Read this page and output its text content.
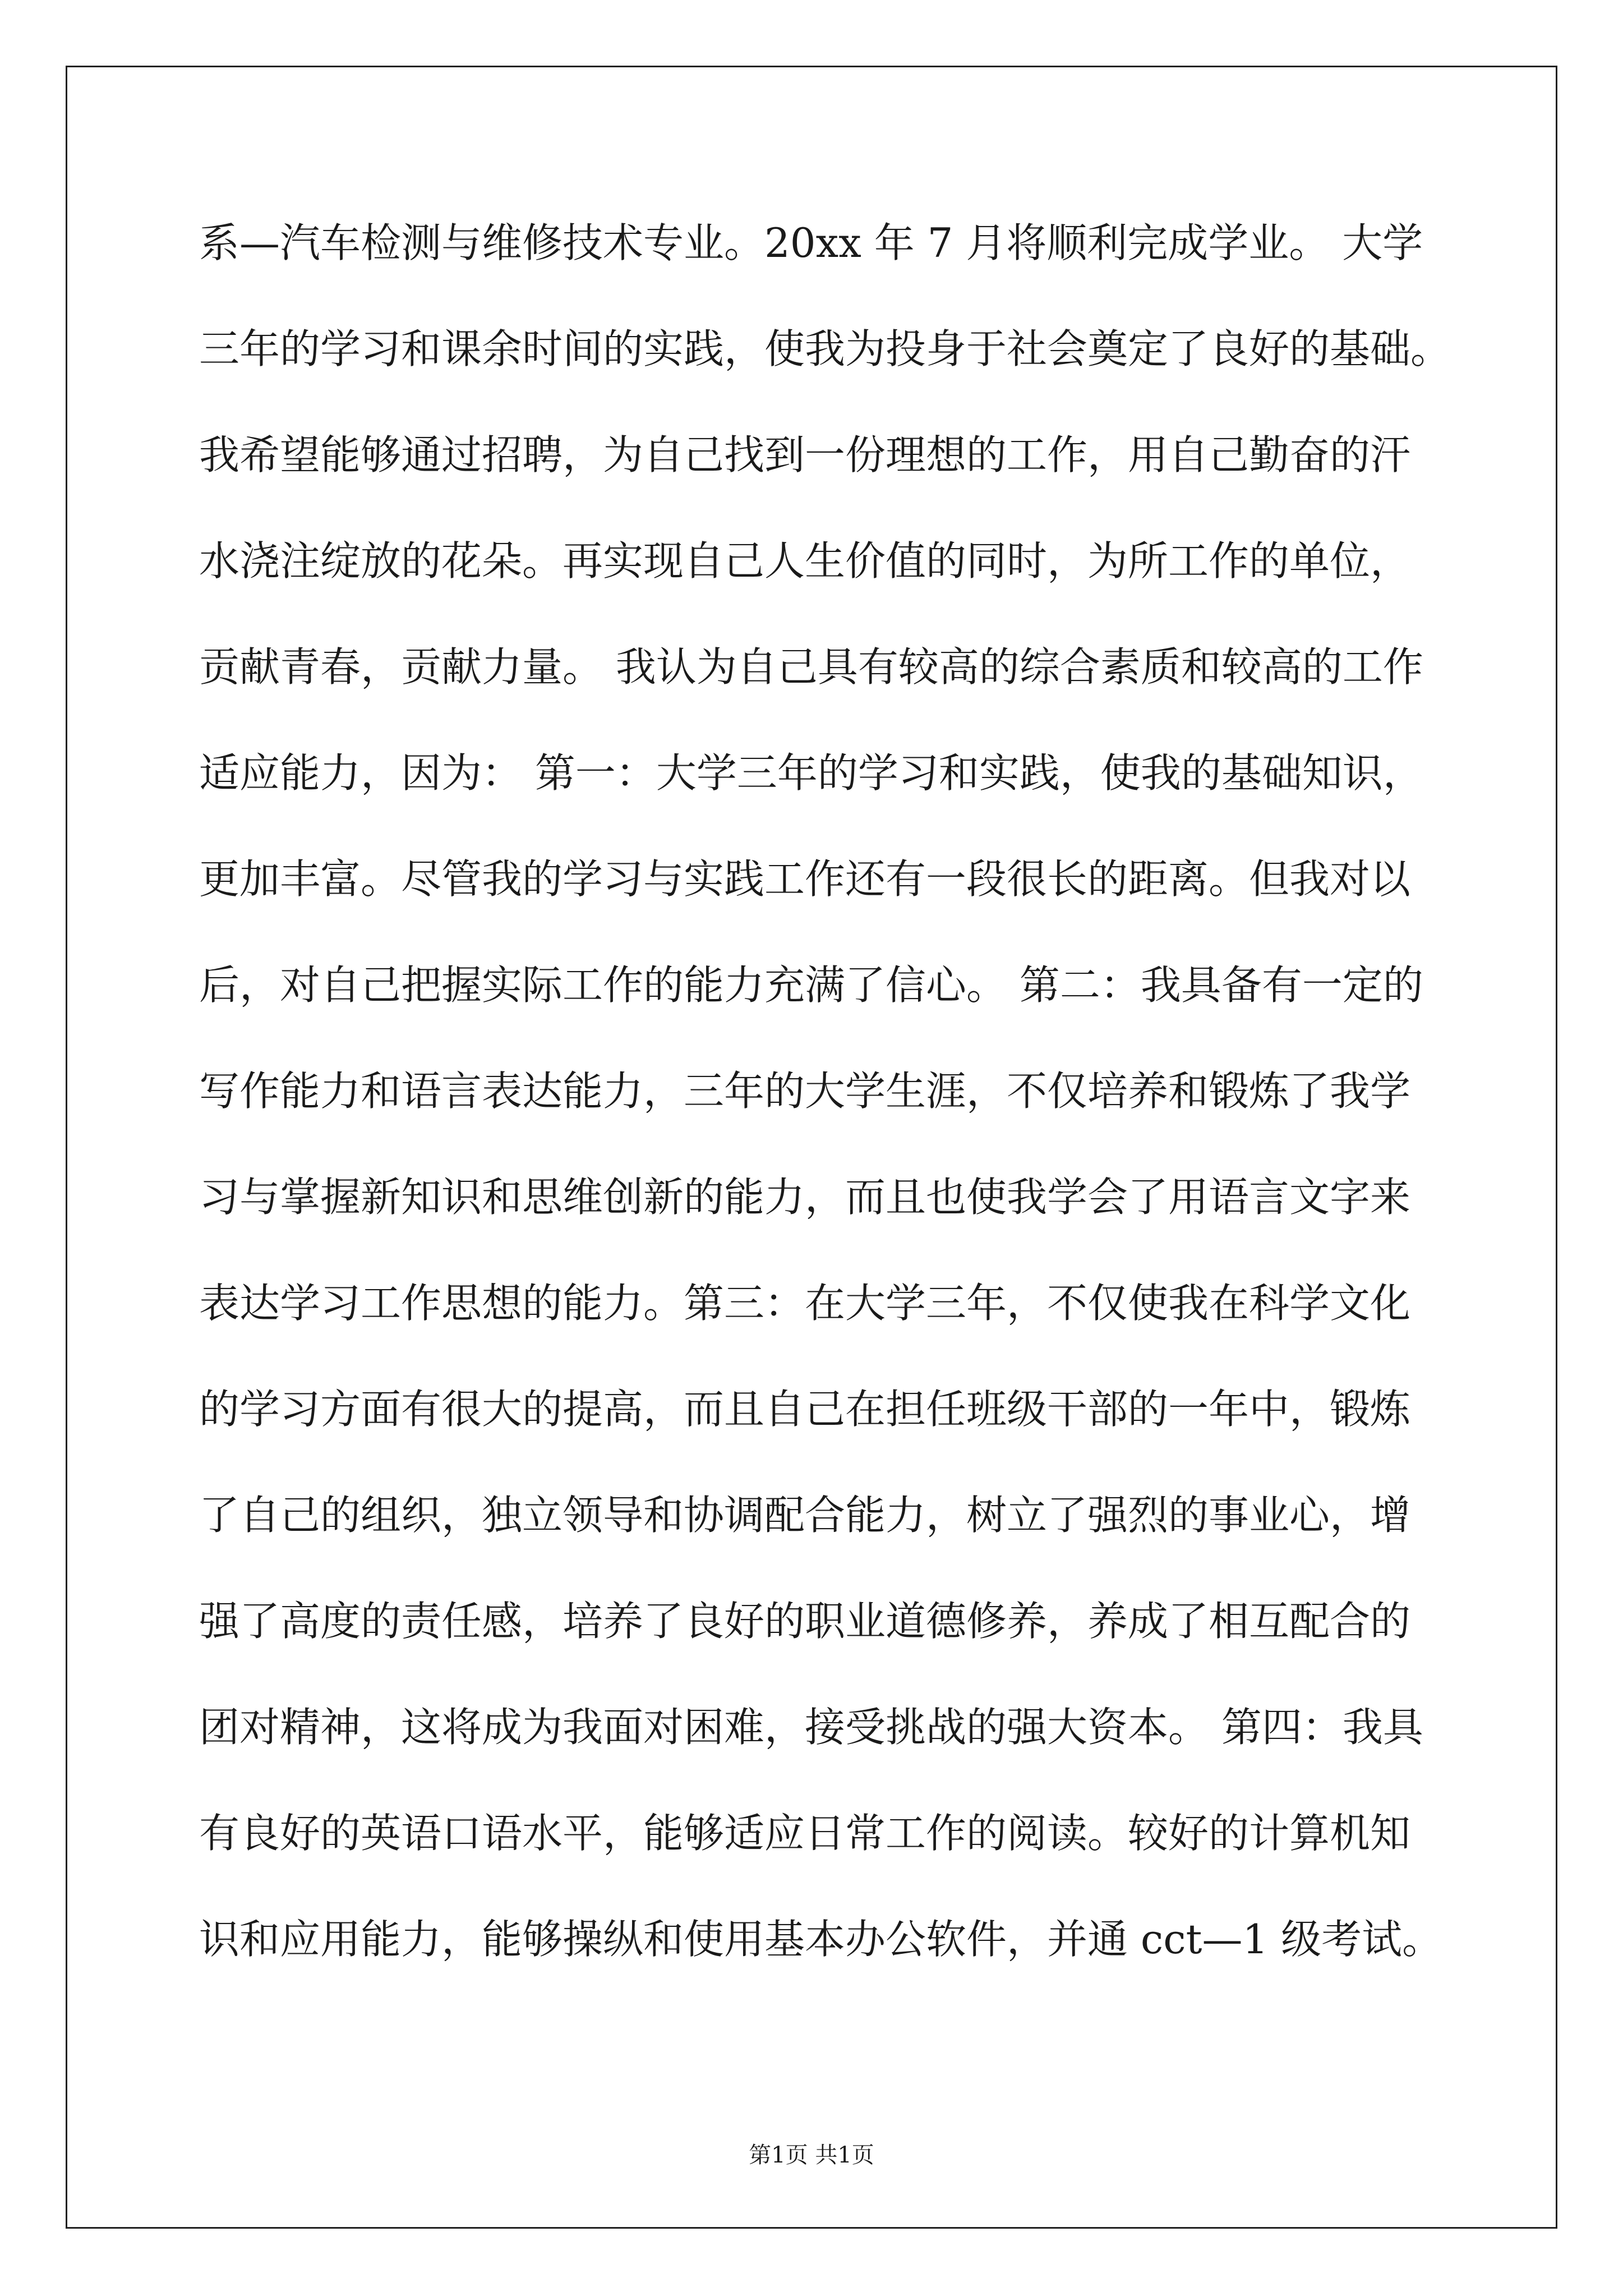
系—汽车检测与维修技术专业。20xx 年 7 月将顺利完成学业。 大学
三年的学习和课余时间的实践，使我为投身于社会奠定了良好的基础。
我希望能够通过招聘，为自己找到一份理想的工作，用自己勤奋的汗
水浇注绽放的花朵。再实现自己人生价值的同时，为所工作的单位，
贡献青春，贡献力量。 我认为自己具有较高的综合素质和较高的工作
适应能力，因为： 第一：大学三年的学习和实践，使我的基础知识，
更加丰富。尽管我的学习与实践工作还有一段很长的距离。但我对以
后，对自己把握实际工作的能力充满了信心。 第二：我具备有一定的
写作能力和语言表达能力，三年的大学生涯，不仅培养和锻炼了我学
习与掌握新知识和思维创新的能力，而且也使我学会了用语言文字来
表达学习工作思想的能力。第三：在大学三年，不仅使我在科学文化
的学习方面有很大的提高，而且自己在担任班级干部的一年中，锻炼
了自己的组织，独立领导和协调配合能力，树立了强烈的事业心，增
强了高度的责任感，培养了良好的职业道德修养，养成了相互配合的
团对精神，这将成为我面对困难，接受挑战的强大资本。 第四：我具
有良好的英语口语水平，能够适应日常工作的阅读。较好的计算机知
识和应用能力，能够操纵和使用基本办公软件，并通 cct—1 级考试。
第1页 共1页
